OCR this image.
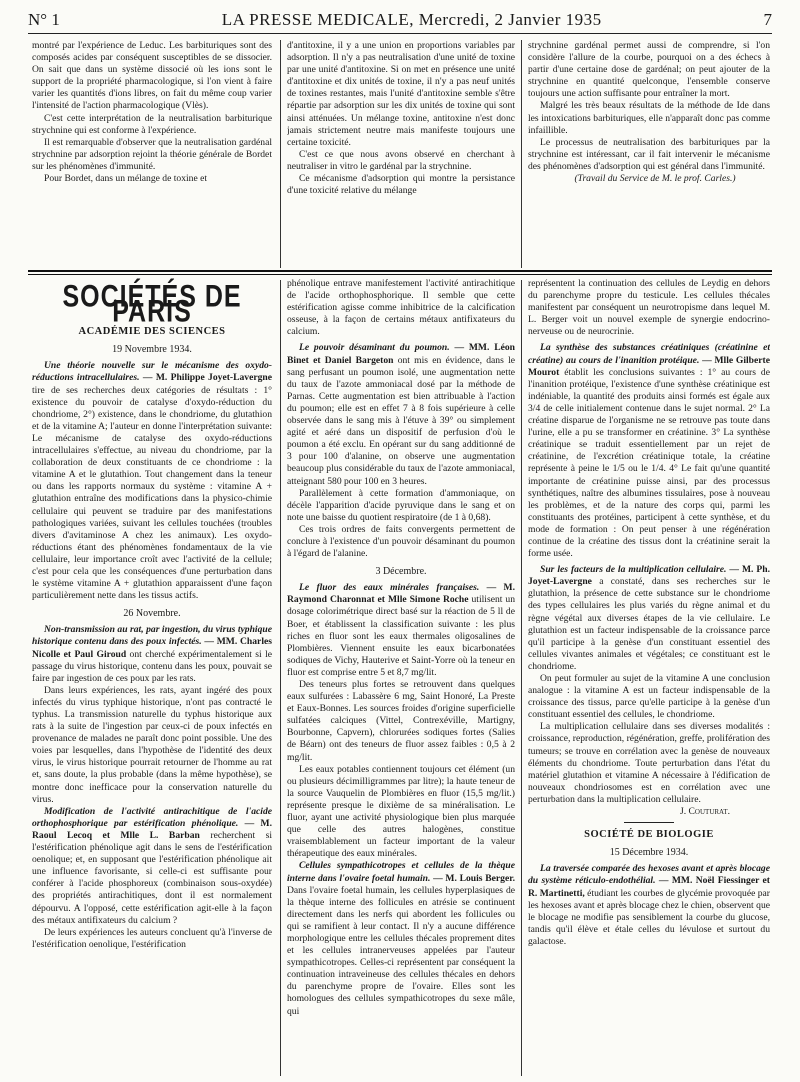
N° 1	LA PRESSE MEDICALE, Mercredi, 2 Janvier 1935	7

montré par l'expérience de Leduc. Les barbituriques sont des composés acides par conséquent susceptibles de se dissocier. On sait que dans un système dissocié où les ions sont le support de la propriété pharmacologique, si l'on vient à faire varier les quantités d'ions libres, on fait du même coup varier l'intensité de l'action pharmacologique (Vlès).

C'est cette interprétation de la neutralisation barbiturique strychnine qui est conforme à l'expérience.

Il est remarquable d'observer que la neutralisation gardénal strychnine par adsorption rejoint la théorie générale de Bordet sur les phénomènes d'immunité.

Pour Bordet, dans un mélange de toxine et

d'antitoxine, il y a une union en proportions variables par adsorption. Il n'y a pas neutralisation d'une unité de toxine par une unité d'antitoxine. Si on met en présence une unité d'antitoxine et dix unités de toxine, il n'y a pas neuf unités de toxines restantes, mais l'unité d'antitoxine semble s'être répartie par adsorption sur les dix unités de toxine qui sont ainsi atténuées. Un mélange toxine, antitoxine n'est donc jamais strictement neutre mais manifeste toujours une certaine toxicité.

C'est ce que nous avons observé en cherchant à neutraliser in vitro le gardénal par la strychnine.

Ce mécanisme d'adsorption qui montre la persistance d'une toxicité relative du mélange

strychnine gardénal permet aussi de comprendre, si l'on considère l'allure de la courbe, pourquoi on a des échecs à partir d'une certaine dose de gardénal; on peut ajouter de la strychnine en quantité quelconque, l'ensemble conserve toujours une action suffisante pour entraîner la mort.

Malgré les très beaux résultats de la méthode de Ide dans les intoxications barbituriques, elle n'apparaît donc pas comme infaillible.

Le processus de neutralisation des barbituriques par la strychnine est intéressant, car il fait intervenir le mécanisme des phénomènes d'adsorption qui est général dans l'immunité.

(Travail du Service de M. le prof. Carles.)

SOCIÉTÉS DE PARIS
ACADÉMIE DES SCIENCES
19 Novembre 1934.

Une théorie nouvelle sur le mécanisme des oxydo-réductions intracellulaires. — M. Philippe Joyet-Lavergne tire de ses recherches deux catégories de résultats : 1° existence du pouvoir de catalyse d'oxydo-réduction du chondriome, 2°) existence, dans le chondriome, du glutathion et de la vitamine A; l'auteur en donne l'interprétation suivante: Le mécanisme de catalyse des oxydo-réductions intracellulaires s'effectue, au niveau du chondriome, par la collaboration de deux constituants de ce chondriome : la vitamine A et le glutathion. Tout changement dans la teneur ou dans les rapports normaux du système : vitamine A + glutathion entraîne des modifications dans la physico-chimie cellulaire qui peuvent se traduire par des manifestations pathologiques variées, suivant les cellules touchées (troubles divers d'avitaminose A chez les animaux). Les oxydo-réductions étant des phénomènes fondamentaux de la vie cellulaire, leur importance croît avec l'activité de la cellule; c'est pour cela que les conséquences d'une perturbation dans le système vitamine A + glutathion apparaissent d'une façon particulièrement nette dans les tissus actifs.

26 Novembre.

Non-transmission au rat, par ingestion, du virus typhique historique contenu dans des poux infectés. — MM. Charles Nicolle et Paul Giroud ont cherché expérimentalement si le passage du virus historique, contenu dans les poux, pouvait se faire par ingestion de ces poux par les rats.

Dans leurs expériences, les rats, ayant ingéré des poux infectés du virus typhique historique, n'ont pas contracté le typhus. La transmission naturelle du typhus historique aux rats à la suite de l'ingestion par ceux-ci de poux infectés en provenance de malades ne paraît donc point possible. Une des voies par lesquelles, dans l'hypothèse de l'identité des deux virus, le virus historique pourrait retourner de l'homme au rat et, sans doute, la plus probable (dans la même hypothèse), se montre donc inefficace pour la conservation naturelle du virus.

Modification de l'activité antirachitique de l'acide orthophosphorique par estérification phénolique. — M. Raoul Lecoq et Mlle L. Barban recherchent si l'estérification phénolique agit dans le sens de l'estérification oenolique; et, en supposant que l'estérification phénolique ait une influence favorisante, si celle-ci est suffisante pour conférer à l'acide phosphoreux (combinaison sous-oxydée) des propriétés antirachitiques, dont il est normalement dépourvu. A l'opposé, cette estérification agit-elle à la façon des métaux antifixateurs du calcium ?

De leurs expériences les auteurs concluent qu'à l'inverse de l'estérification oenolique, l'estérification

phénolique entrave manifestement l'activité antirachitique de l'acide orthophosphorique. Il semble que cette estérification agisse comme inhibitrice de la calcification osseuse, à la façon de certains métaux antifixateurs du calcium.

Le pouvoir désaminant du poumon. — MM. Léon Binet et Daniel Bargeton ont mis en évidence, dans le sang perfusant un poumon isolé, une augmentation nette du taux de l'azote ammoniacal dosé par la méthode de Parnas. Cette augmentation est bien attribuable à l'action du poumon; elle est en effet 7 à 8 fois supérieure à celle observée dans le sang mis à l'étuve à 39° ou simplement agité et aéré dans un dispositif de perfusion d'où le poumon a été exclu. En opérant sur du sang additionné de 3 pour 100 d'alanine, on observe une augmentation beaucoup plus considérable du taux de l'azote ammoniacal, atteignant 580 pour 100 en 3 heures.

Parallèlement à cette formation d'ammoniaque, on décèle l'apparition d'acide pyruvique dans le sang et on note une baisse du quotient respiratoire (de 1 à 0,68).

Ces trois ordres de faits convergents permettent de conclure à l'existence d'un pouvoir désaminant du poumon à l'égard de l'alanine.

3 Décembre.

Le fluor des eaux minérales françaises. — M. Raymond Charonnat et Mlle Simone Roche utilisent un dosage colorimétrique direct basé sur la réaction de 5 ll de Boer, et établissent la classification suivante : les plus riches en fluor sont les eaux thermales oligosalines de Plombières. Viennent ensuite les eaux bicarbonatées sodiques de Vichy, Hauterive et Saint-Yorre où la teneur en fluor est comprise entre 5 et 8,7 mg/lit.

Des teneurs plus fortes se retrouvent dans quelques eaux sulfurées : Labassère 6 mg, Saint Honoré, La Preste et Eaux-Bonnes. Les sources froides d'origine superficielle sulfatées calciques (Vittel, Contrexéville, Martigny, Bourbonne, Capvern), chlorurées sodiques fortes (Salies de Béarn) ont des teneurs de fluor assez faibles : 0,5 à 2 mg/lit.

Les eaux potables contiennent toujours cet élément (un ou plusieurs décimilligrammes par litre); la haute teneur de la source Vauquelin de Plombières en fluor (15,5 mg/lit.) représente presque le dixième de sa minéralisation. Le fluor, ayant une activité physiologique bien plus marquée que celle des autres halogènes, constitue vraisemblablement un facteur important de la valeur thérapeutique des eaux minérales.

Cellules sympathicotropes et cellules de la thèque interne dans l'ovaire foetal humain. — M. Louis Berger. Dans l'ovaire foetal humain, les cellules hyperplasiques de la thèque interne des follicules en atrésie se continuent directement dans les nerfs qui abordent les follicules ou qui se ramifient à leur contact. Il n'y a aucune différence morphologique entre les cellules thécales proprement dites et les cellules intranerveuses appelées par l'auteur sympathicotropes. Celles-ci représentent par conséquent la continuation intraveineuse des cellules thécales en dehors du parenchyme propre de l'ovaire. Elles sont les homologues des cellules sympathicotropes du sexe mâle, qui

représentent la continuation des cellules de Leydig en dehors du parenchyme propre du testicule. Les cellules thécales manifestent par conséquent un neurotropisme dans lequel M. L. Berger voit un nouvel exemple de synergie endocrino-nerveuse ou de neurocrinie.

La synthèse des substances créatiniques (créatinine et créatine) au cours de l'inanition protéique. — Mlle Gilberte Mourot établit les conclusions suivantes : 1° au cours de l'inanition protéique, l'existence d'une synthèse créatinique est indéniable, la quantité des produits ainsi formés est égale aux 3/4 de celle initialement contenue dans le sujet normal. 2° La créatine disparue de l'organisme ne se retrouve pas toute dans l'urine, elle a pu se transformer en créatinine. 3° La synthèse créatinique se traduit essentiellement par un rejet de créatinine, de l'excrétion créatinique totale, la créatine représente à peine le 1/5 ou le 1/4. 4° Le fait qu'une quantité importante de créatinine puisse ainsi, par des processus synthétiques, naître des albumines tissulaires, pose à nouveau les problèmes, et de la nature des corps qui, parmi les constituants des protéines, participent à cette synthèse, et du mode de formation : On peut penser à une régénération continue de la créatine des tissus dont la créatinine serait la forme usée.

Sur les facteurs de la multiplication cellulaire. — M. Ph. Joyet-Lavergne a constaté, dans ses recherches sur le glutathion, la présence de cette substance sur le chondriome des types cellulaires les plus variés du règne animal et du règne végétal aux diverses étapes de la vie cellulaire. Le glutathion est un facteur indispensable de la croissance parce qu'il participe à la genèse d'un constituant essentiel des cellules vivantes animales et végétales; ce constituant est le chondriome.

On peut formuler au sujet de la vitamine A une conclusion analogue : la vitamine A est un facteur indispensable de la croissance des tissus, parce qu'elle participe à la genèse d'un constituant essentiel des cellules, le chondriome.

La multiplication cellulaire dans ses diverses modalités : croissance, reproduction, régénération, greffe, prolifération des tumeurs; se trouve en corrélation avec la genèse de nouveaux éléments du chondriome. Toute perturbation dans l'état du matériel glutathion et vitamine A nécessaire à l'édification de nouveaux chondriosomes est en corrélation avec une perturbation dans la multiplication cellulaire.

J. Couturat.

SOCIÉTÉ DE BIOLOGIE
15 Décembre 1934.

La traversée comparée des hexoses avant et après blocage du système réticulo-endothélial. — MM. Noël Fiessinger et R. Martinetti, étudiant les courbes de glycémie provoquée par les hexoses avant et après blocage chez le chien, observent que le blocage ne modifie pas sensiblement la courbe du glucose, tandis qu'il élève et étale celles du lévulose et surtout du galactose.
